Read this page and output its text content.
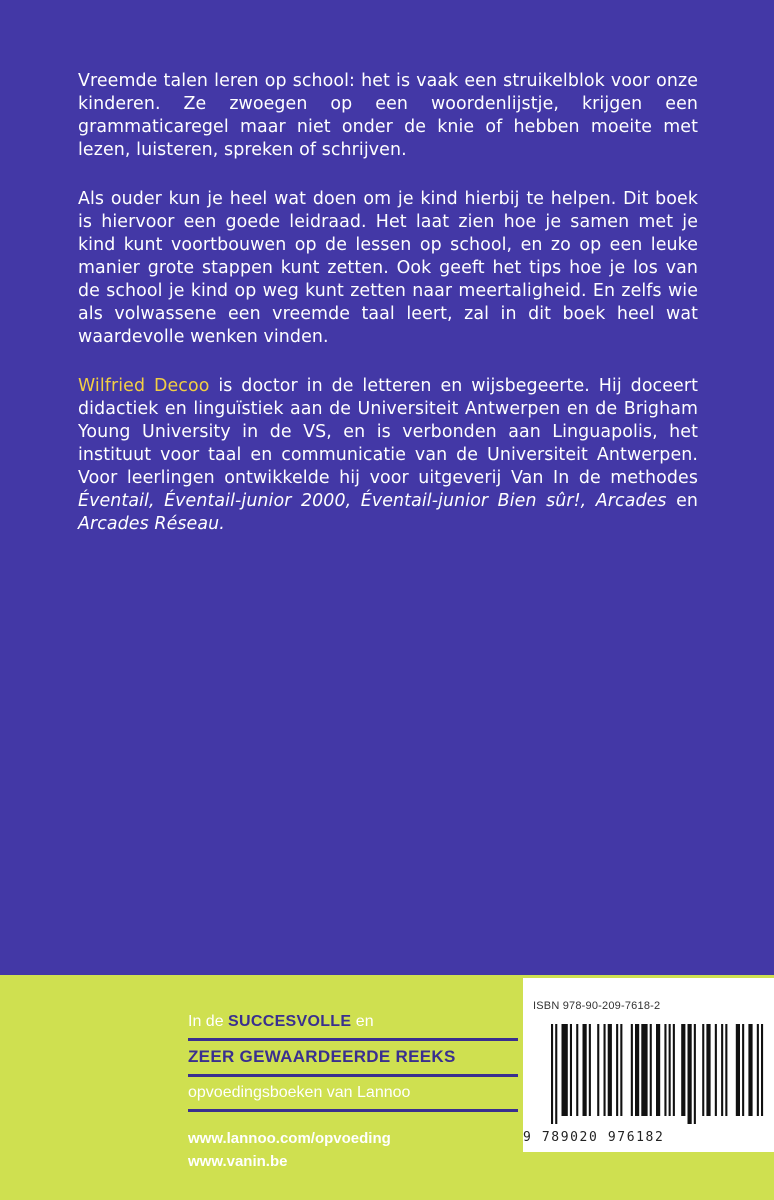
Vreemde talen leren op school: het is vaak een struikelblok voor onze kinderen. Ze zwoegen op een woordenlijstje, krijgen een grammaticaregel maar niet onder de knie of hebben moeite met lezen, luisteren, spreken of schrijven.

Als ouder kun je heel wat doen om je kind hierbij te helpen. Dit boek is hiervoor een goede leidraad. Het laat zien hoe je samen met je kind kunt voortbouwen op de lessen op school, en zo op een leuke manier grote stappen kunt zetten. Ook geeft het tips hoe je los van de school je kind op weg kunt zetten naar meertaligheid. En zelfs wie als volwassene een vreemde taal leert, zal in dit boek heel wat waardevolle wenken vinden.

Wilfried Decoo is doctor in de letteren en wijsbegeerte. Hij doceert didactiek en linguïstiek aan de Universiteit Antwerpen en de Brigham Young University in de VS, en is verbonden aan Linguapolis, het instituut voor taal en communicatie van de Universiteit Antwerpen. Voor leerlingen ontwikkelde hij voor uitgeverij Van In de methodes Éventail, Éventail-junior 2000, Éventail-junior Bien sûr!, Arcades en Arcades Réseau.

In de SUCCESVOLLE en
ZEER GEWAARDEERDE REEKS
opvoedingsboeken van Lannoo
www.lannoo.com/opvoeding
www.vanin.be
ISBN 978-90-209-7618-2
9 789020 976182
